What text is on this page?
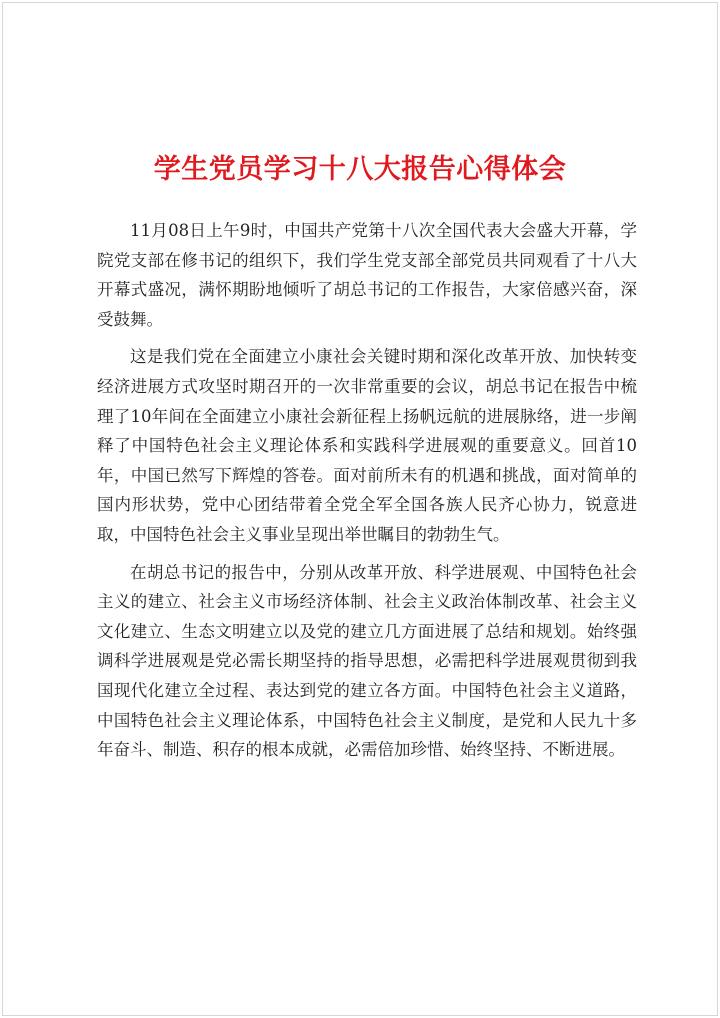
学生党员学习十八大报告心得体会

11月08日上午9时，中国共产党第十八次全国代表大会盛大开幕，学院党支部在修书记的组织下，我们学生党支部全部党员共同观看了十八大开幕式盛况，满怀期盼地倾听了胡总书记的工作报告，大家倍感兴奋，深受鼓舞。

这是我们党在全面建立小康社会关键时期和深化改革开放、加快转变经济进展方式攻坚时期召开的一次非常重要的会议，胡总书记在报告中梳理了10年间在全面建立小康社会新征程上扬帆远航的进展脉络，进一步阐释了中国特色社会主义理论体系和实践科学进展观的重要意义。回首10年，中国已然写下辉煌的答卷。面对前所未有的机遇和挑战，面对简单的国内形状势，党中心团结带着全党全军全国各族人民齐心协力，锐意进取，中国特色社会主义事业呈现出举世瞩目的勃勃生气。

在胡总书记的报告中，分别从改革开放、科学进展观、中国特色社会主义的建立、社会主义市场经济体制、社会主义政治体制改革、社会主义文化建立、生态文明建立以及党的建立几方面进展了总结和规划。始终强调科学进展观是党必需长期坚持的指导思想，必需把科学进展观贯彻到我国现代化建立全过程、表达到党的建立各方面。中国特色社会主义道路，中国特色社会主义理论体系，中国特色社会主义制度，是党和人民九十多年奋斗、制造、积存的根本成就，必需倍加珍惜、始终坚持、不断进展。
